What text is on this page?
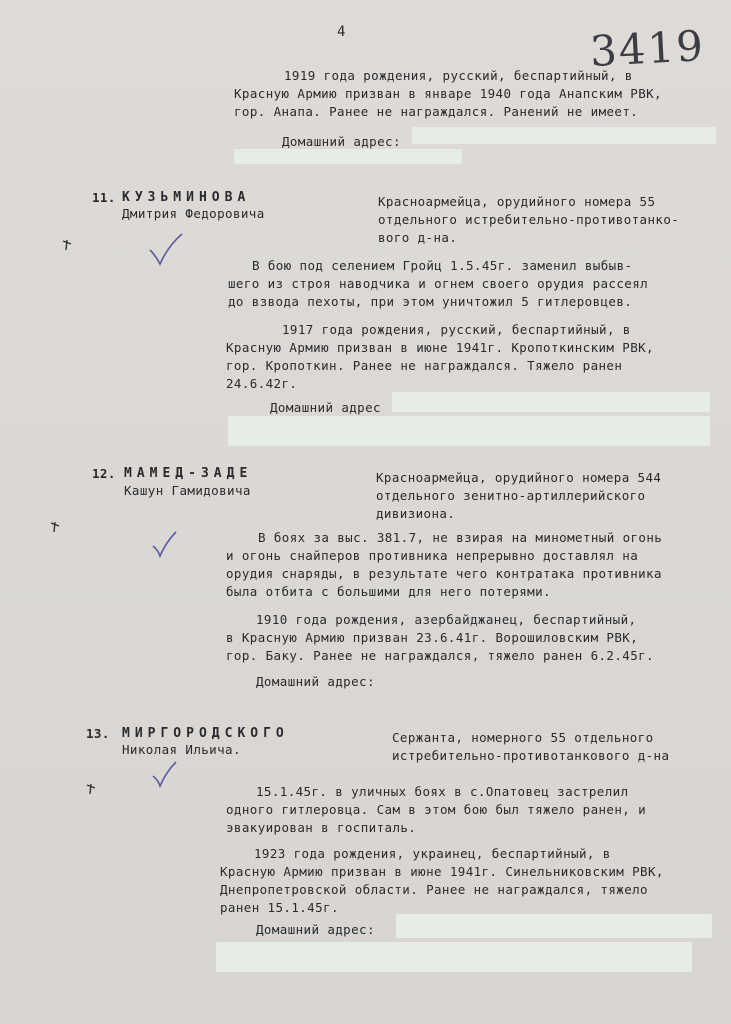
4	3419
1919 года рождения, русский, беспартийный, в
Красную Армию призван в январе 1940 года Анапским РВК,
гор. Анапа. Ранее не награждался. Ранений не имеет.
Домашний адрес:
11. КУЗЬМИНОВА
Дмитрия Федоровича
Красноармейца, орудийного номера 55
отдельного истребительно-противотанко-
вого д-на.
В бою под селением Гройц 1.5.45г. заменил выбыв-
шего из строя наводчика и огнем своего орудия рассеял
до взвода пехоты, при этом уничтожил 5 гитлеровцев.
1917 года рождения, русский, беспартийный, в
Красную Армию призван в июне 1941г. Кропоткинским РВК,
гор. Кропоткин. Ранее не награждался. Тяжело ранен
24.6.42г.
Домашний адрес
12. МАМЕД-ЗАДЕ
Кашун Гамидовича
Красноармейца, орудийного номера 544
отдельного зенитно-артиллерийского
дивизиона.
В боях за выс. 381.7, не взирая на минометный огонь
и огонь снайперов противника непрерывно доставлял на
орудия снаряды, в результате чего контратака противника
была отбита с большими для него потерями.
1910 года рождения, азербайджанец, беспартийный,
в Красную Армию призван 23.6.41г. Ворошиловским РВК,
гор. Баку. Ранее не награждался, тяжело ранен 6.2.45г.
Домашний адрес:
13. МИРГОРОДСКОГО
Николая Ильича.
Сержанта, номерного 55 отдельного
истребительно-противотанкового д-на
15.1.45г. в уличных боях в с.Опатовец застрелил
одного гитлеровца. Сам в этом бою был тяжело ранен, и
эвакуирован в госпиталь.
1923 года рождения, украинец, беспартийный, в
Красную Армию призван в июне 1941г. Синельниковским РВК,
Днепропетровской области. Ранее не награждался, тяжело
ранен 15.1.45г.
Домашний адрес:
